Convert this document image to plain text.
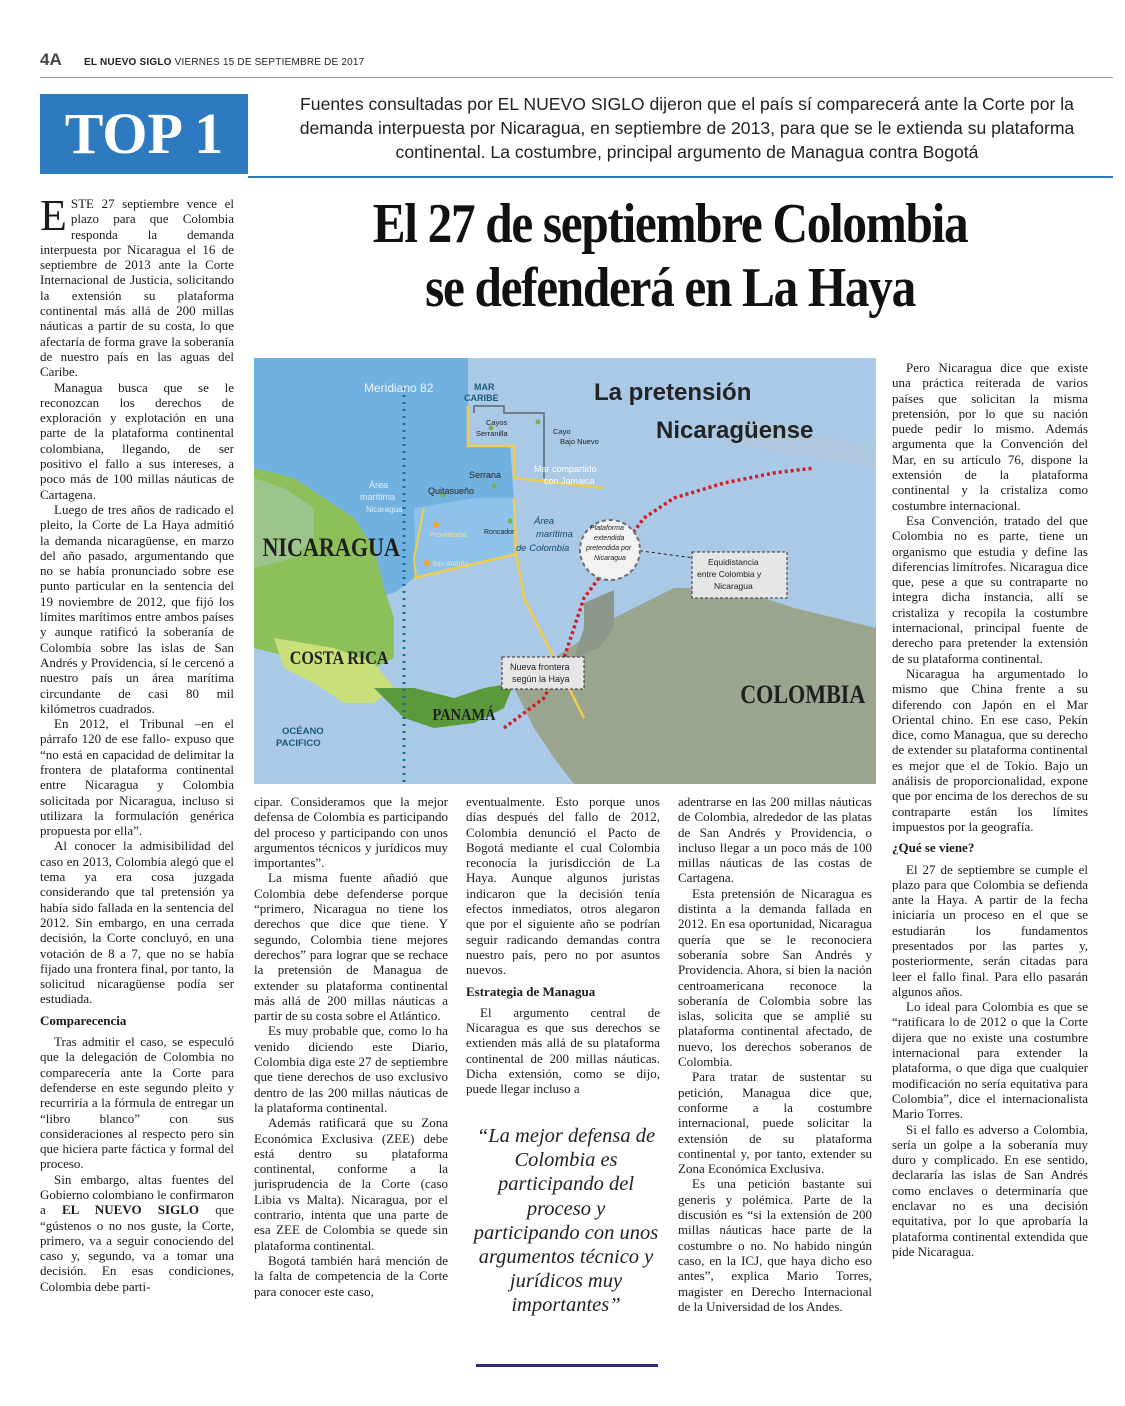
4A EL NUEVO SIGLO VIERNES 15 DE SEPTIEMBRE DE 2017
TOP 1	Fuentes consultadas por EL NUEVO SIGLO dijeron que el país sí comparecerá ante la Corte por la demanda interpuesta por Nicaragua, en septiembre de 2013, para que se le extienda su plataforma continental. La costumbre, principal argumento de Managua contra Bogotá
El 27 de septiembre Colombia
se defenderá en La Haya

ESTE 27 septiembre vence el plazo para que Colombia responda la demanda interpuesta por Nicaragua el 16 de septiembre de 2013 ante la Corte Internacional de Justicia, solicitando la extensión su plataforma continental más allá de 200 millas náuticas a partir de su costa, lo que afectaría de forma grave la soberanía de nuestro país en las aguas del Caribe.

Managua busca que se le reconozcan los derechos de exploración y explotación en una parte de la plataforma continental colombiana, llegando, de ser positivo el fallo a sus intereses, a poco más de 100 millas náuticas de Cartagena.

Luego de tres años de radicado el pleito, la Corte de La Haya admitió la demanda nicaragüense, en marzo del año pasado, argumentando que no se había pronunciado sobre ese punto particular en la sentencia del 19 noviembre de 2012, que fijó los límites marítimos entre ambos países y aunque ratificó la soberanía de Colombia sobre las islas de San Andrés y Providencia, sí le cercenó a nuestro país un área marítima circundante de casi 80 mil kilómetros cuadrados.

En 2012, el Tribunal –en el párrafo 120 de ese fallo- expuso que “no está en capacidad de delimitar la frontera de plataforma continental entre Nicaragua y Colombia solicitada por Nicaragua, incluso si utilizara la formulación genérica propuesta por ella”.

Al conocer la admisibilidad del caso en 2013, Colombia alegó que el tema ya era cosa juzgada considerando que tal pretensión ya había sido fallada en la sentencia del 2012. Sin embargo, en una cerrada decisión, la Corte concluyó, en una votación de 8 a 7, que no se había fijado una frontera final, por tanto, la solicitud nicaragüense podía ser estudiada.

Comparecencia

Tras admitir el caso, se especuló que la delegación de Colombia no comparecería ante la Corte para defenderse en este segundo pleito y recurriría a la fórmula de entregar un “libro blanco” con sus consideraciones al respecto pero sin que hiciera parte fáctica y formal del proceso.

Sin embargo, altas fuentes del Gobierno colombiano le confirmaron a EL NUEVO SIGLO que “gústenos o no nos guste, la Corte, primero, va a seguir conociendo del caso y, segundo, va a tomar una decisión. En esas condiciones, Colombia debe parti-

La pretensión
Nicaragüense
Meridiano 82	MAR
CARIBE
Cayos
Serranilla	Cayo
Bajo Nuevo
Serrana
Mar compartido
con Jamaica
Quitasueño
Área
marítima
Nicaragua
Providencia Roncador
San Andrés
Área
marítima
de Colombia
Plataforma
extendida
pretendida por
Nicaragua	Equidistancia
entre Colombia y
Nicaragua
NICARAGUA
COSTA RICA
PANAMÁ
COLOMBIA
OCÉANO
PACIFICO
Nueva frontera
según la Haya

cipar. Consideramos que la mejor defensa de Colombia es participando del proceso y participando con unos argumentos técnicos y jurídicos muy importantes”.

La misma fuente añadió que Colombia debe defenderse porque “primero, Nicaragua no tiene los derechos que dice que tiene. Y segundo, Colombia tiene mejores derechos” para lograr que se rechace la pretensión de Managua de extender su plataforma continental más allá de 200 millas náuticas a partir de su costa sobre el Atlántico.

Es muy probable que, como lo ha venido diciendo este Diario, Colombia diga este 27 de septiembre que tiene derechos de uso exclusivo dentro de las 200 millas náuticas de la plataforma continental.

Además ratificará que su Zona Económica Exclusiva (ZEE) debe está dentro su plataforma continental, conforme a la jurisprudencia de la Corte (caso Libia vs Malta). Nicaragua, por el contrario, intenta que una parte de esa ZEE de Colombia se quede sin plataforma continental.

Bogotá también hará mención de la falta de competencia de la Corte para conocer este caso,

eventualmente. Esto porque unos días después del fallo de 2012, Colombia denunció el Pacto de Bogotá mediante el cual Colombia reconocía la jurisdicción de La Haya. Aunque algunos juristas indicaron que la decisión tenía efectos inmediatos, otros alegaron que por el siguiente año se podrían seguir radicando demandas contra nuestro país, pero no por asuntos nuevos.

Estrategia de Managua

El argumento central de Nicaragua es que sus derechos se extienden más allá de su plataforma continental de 200 millas náuticas. Dicha extensión, como se dijo, puede llegar incluso a

“La mejor defensa de Colombia es participando del proceso y participando con unos argumentos técnico y jurídicos muy importantes”

adentrarse en las 200 millas náuticas de Colombia, alrededor de las platas de San Andrés y Providencia, o incluso llegar a un poco más de 100 millas náuticas de las costas de Cartagena.

Esta pretensión de Nicaragua es distinta a la demanda fallada en 2012. En esa oportunidad, Nicaragua quería que se le reconociera soberanía sobre San Andrés y Providencia. Ahora, si bien la nación centroamericana reconoce la soberanía de Colombia sobre las islas, solicita que se amplié su plataforma continental afectado, de nuevo, los derechos soberanos de Colombia.

Para tratar de sustentar su petición, Managua dice que, conforme a la costumbre internacional, puede solicitar la extensión de su plataforma continental y, por tanto, extender su Zona Económica Exclusiva.

Es una petición bastante sui generis y polémica. Parte de la discusión es “si la extensión de 200 millas náuticas hace parte de la costumbre o no. No habido ningún caso, en la ICJ, que haya dicho eso antes”, explica Mario Torres, magister en Derecho Internacional de la Universidad de los Andes.

Pero Nicaragua dice que existe una práctica reiterada de varios países que solicitan la misma pretensión, por lo que su nación puede pedir lo mismo. Además argumenta que la Convención del Mar, en su artículo 76, dispone la extensión de la plataforma continental y la cristaliza como costumbre internacional.

Esa Convención, tratado del que Colombia no es parte, tiene un organismo que estudia y define las diferencias limítrofes. Nicaragua dice que, pese a que su contraparte no integra dicha instancia, allí se cristaliza y recopila la costumbre internacional, principal fuente de derecho para pretender la extensión de su plataforma continental.

Nicaragua ha argumentado lo mismo que China frente a su diferendo con Japón en el Mar Oriental chino. En ese caso, Pekín dice, como Managua, que su derecho de extender su plataforma continental es mejor que el de Tokio. Bajo un análisis de proporcionalidad, expone que por encima de los derechos de su contraparte están los límites impuestos por la geografía.

¿Qué se viene?

El 27 de septiembre se cumple el plazo para que Colombia se defienda ante la Haya. A partir de la fecha iniciaría un proceso en el que se estudiarán los fundamentos presentados por las partes y, posteriormente, serán citadas para leer el fallo final. Para ello pasarán algunos años.

Lo ideal para Colombia es que se “ratificara lo de 2012 o que la Corte dijera que no existe una costumbre internacional para extender la plataforma, o que diga que cualquier modificación no sería equitativa para Colombia”, dice el internacionalista Mario Torres.

Si el fallo es adverso a Colombia, sería un golpe a la soberanía muy duro y complicado. En ese sentido, declararía las islas de San Andrés como enclaves o determinaría que enclavar no es una decisión equitativa, por lo que aprobaría la plataforma continental extendida que pide Nicaragua.
